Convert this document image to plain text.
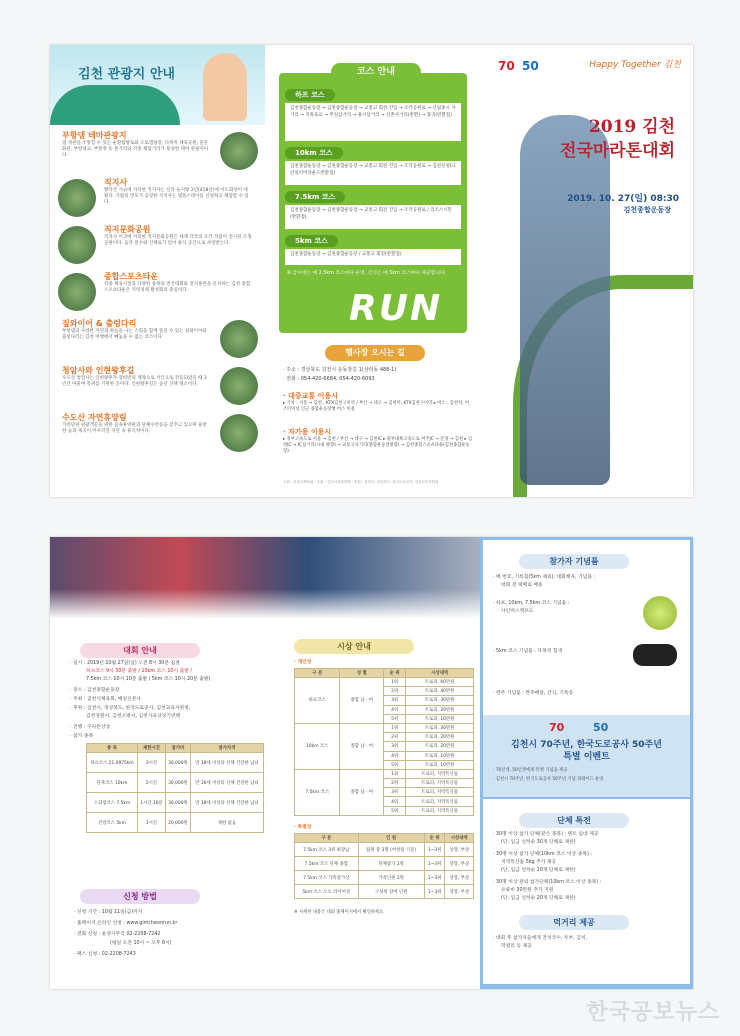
김천 관광지 안내
부항댐 테마관광지
댐 경관을 조망할 수 있는 순환탐방로와 오토캠핑장, 다목적 체육공원, 물문화관, 부항대교, 부항정 등 볼거리와 각종 체험거리가 풍성한 테마 관광지이다.
직지사
황악산 기슭에 자리한 직지사는 신라 눌지왕 2년(418년)에 아도화상이 세웠다. 가람의 면모가 웅장한 직지사는 템플스테이를 신청하고 체험할 수 있다.
직지문화공원
직지사 어귀에 자리한 직지문화공원은 세계 각국의 조각 작품이 전시된 조형 공원이다. 음악 분수와 산책로가 있어 휴식 공간으로 사랑받는다.
종합스포츠타운
각종 체육시설과 다양한 종목의 전국대회와 전지훈련을 유치하는 김천 종합스포츠타운은 지역경제 활성화의 중심이다.
짚와이어 & 출렁다리
부항댐의 수려한 자연과 하늘을 나는 스릴을 함께 즐길 수 있는 짚와이어와 출렁다리는 김천 여행에서 빼놓을 수 없는 코스이다.
청암사와 인현왕후길
수도산 청암사는 인현왕후가 장희빈의 계략으로 서인으로 강등되었을 때 3년간 머물며 복위를 기원한 곳이다. 인현왕후길은 숲길 산책 명소이다.
수도산 자연휴양림
가족단위 관광객들을 위한 숲속휴양관과 단체수련동을 갖추고 있으며 울창한 숲과 계곡이 어우러진 자연 속 휴식처이다.
코스 안내
하프 코스

김천종합운동장 → 김천종합운동장 → 교통고 회전 진입 → 조각공원로 → 산림종시 사거리 → 지좌육교 → 무실삼거리 → 용시삼거리 → 신촌사거리(반환) → 종귀(반환점)

10km 코스

김천종합운동장 → 김천종합운동장 → 교통고 회전 진입 → 조각공원로 → 김천신청(크린일러어라운드반환점)

7.5km 코스

김천종합운동장 → 김천종합운동장 → 교통고 회전 진입 → 조각공원로 / 리조스시민(반환점)

5km 코스

김천종합운동장 → 김천종합운동장 / 교통고 회전(반환점)

※ 급수대는 매 2.5km 코스마다 운영, 간식은 매 5km 코스마다 제공합니다.
RUN
행사장 오시는 길
· 주소 : 경상북도 김천시 운동장길 1(삼락동 488-1)
· 전화 : 054-420-6684, 054-420-6093
· 대중교통 이용시
▸ 기차 : 서울 → 김천 , KTX김천구미역 / 부산 → 대구 → 김천역, KTX김천구미역 ▸ 버스 : 김천역, 버스터미널 인근 종합운동장행 버스 이용
· 자가용 이용시
▸ 경부고속도로 서울 → 김천 / 부산 → 대구 → 김천IC ▸ 중부내륙고속도로 여주JC → 문경 → 김천 ▸ 김천IC → IC삼거리(시내 방향) → 교통고사거리(종합운동장방향) → 김천종합스포츠타운(김천종합운동장)
주최 : 김천시체육회 · 주관 : 김천시육상연맹 · 후원 : 김천시, 경상북도, 한국도로공사, 김천교육지원청
70 50	Happy Together 김천
2019 김천
전국마라톤대회
2019. 10. 27(일) 08:30
김천종합운동장
대회 안내
· 일시 : 2019년 10월 27일(일) 오전 8시 30분 집결
하프코스 9시 30분 출발 / 10km 코스 10시 출발 /
7.5km 코스 10시 10분 출발 / 5km 코스 10시 20분 출발)
· 장소 : 김천종합운동장
· 주최 : 김천시체육회, 매일신문사
· 후원 : 김천시, 경상북도, 한국도로공사, 김천교육지원청,
김천경찰서, 김천소방서, 김천시육상경기연맹
· 진행 : 쿠파문상상
· 참가 종목
종 목	제한시간	참가비	참가자격
하프코스 21.0975km	3시간	30,000원	만 18세 이상의 신체 건강한 남녀
단축코스 10km	2시간	30,000원	만 16세 이상의 신체 건강한 남녀
스피링코스 7.5km	1시간 30분	30,000원	만 18세 이상의 신체 건강한 남녀
건강코스 5km	1시간	20,000원	제한 없음
신청 방법
· 신청 기간 : 10월 11일(금)까지
· 홈페이지 온라인 신청 : www.gimcheonrun.kr
· 전화 신청 : 운영사무국 02-2208-7242
(평일 오전 10시 ~ 오후 6시)
· 팩스 신청 : 02-2208-7243
시상 안내
· 개인상
구 분	성 별	순 위	시상내역
하프코스	종합 남 · 여	1위	트로피, 60만원
		2위	트로피, 40만원
		3위	트로피, 30만원
		4위	트로피, 20만원
		5위	트로피, 10만원
10km 코스	종합 남 · 여	1위	트로피, 30만원
		2위	트로피, 20만원
		3위	트로피, 20만원
		4위	트로피, 10만원
		5위	트로피, 10만원
7.5km 코스	종합 남 · 여	1위	트로피, 지역특산품
		2위	트로피, 지역특산품
		3위	트로피, 지역특산품
		4위	트로피, 지역특산품
		5위	트로피, 지역특산품
· 특별상
구 분	인 원	순 위	시상내역
7.5km 코스 3위 최장남	팀원 중 3명 (여성팀 기준)	1~3위	상장, 부상
7.5km 코스 단체 종합	단체참가 2명	1~3위	상장, 부상
7.5km 코스 가족참가상	가족인원 2명	1~3위	상장, 부상
5km 코스 오오 라이어상	구성원 참여 인원	1~3위	상장, 부상
※ 자세한 내용은 대회 홈페이지에서 확인하세요.
참가자 기념품
· 배 번호, 기록칩(5km 제외), 대회책자, 기념품 :
대회 전 택배로 배송
· 하프, 10km, 7.5km 코스 기념품 :
샤인머스켓포도
· 5km 코스 기념품 : 다목적 힙색
· 완주 기념품 : 완주메달, 간식, 기록증
70	50
김천시 70주년, 한국도로공사 50주년
특별 이벤트
· 70년생, 50년생에게 특별 기념품 제공
· 김천시 70주년, 한국도로공사 50주년 기념 퍼레이드 운영
단체 특전
· 30명 이상 참가 단체(같은 종목) : 텐트 임대 제공
(단, 입금 선착순 30개 단체로 제한)
· 30명 이상 참가 단체(10km 코스 이상 종목) :
지역특산품 5kg 추가 제공
(단, 입금 선착순 20개 단체로 제한)
· 30명 이상 관외 참가단체(10km 코스 이상 종목) :
유류비 30만원 추가 지원
(단, 입금 선착순 20개 단체로 제한)
먹거리 제공
· 대회 후 참가자들에게 잔치국수, 두부, 김치,
막걸리 등 제공
한국공보뉴스
